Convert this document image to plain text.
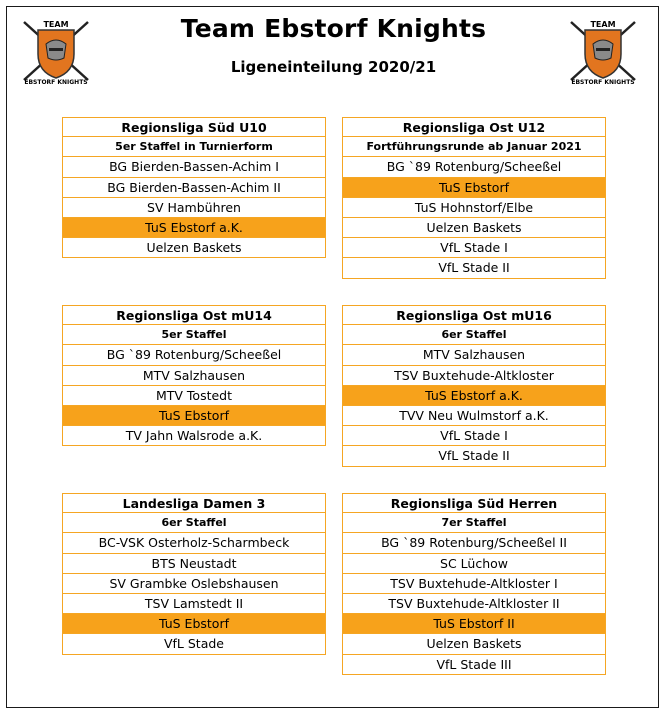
TEAM
EBSTORF KNIGHTS
TEAM
EBSTORF KNIGHTS
Team Ebstorf Knights
Ligeneinteilung 2020/21
Regionsliga Süd U10
5er Staffel in Turnierform
BG Bierden-Bassen-Achim I
BG Bierden-Bassen-Achim II
SV Hambühren
TuS Ebstorf a.K.
Uelzen Baskets
Regionsliga Ost U12
Fortführungsrunde ab Januar 2021
BG `89 Rotenburg/Scheeßel
TuS Ebstorf
TuS Hohnstorf/Elbe
Uelzen Baskets
VfL Stade I
VfL Stade II
Regionsliga Ost mU14
5er Staffel
BG `89 Rotenburg/Scheeßel
MTV Salzhausen
MTV Tostedt
TuS Ebstorf
TV Jahn Walsrode a.K.
Regionsliga Ost mU16
6er Staffel
MTV Salzhausen
TSV Buxtehude-Altkloster
TuS Ebstorf a.K.
TVV Neu Wulmstorf a.K.
VfL Stade I
VfL Stade II
Landesliga Damen 3
6er Staffel
BC-VSK Osterholz-Scharmbeck
BTS Neustadt
SV Grambke Oslebshausen
TSV Lamstedt II
TuS Ebstorf
VfL Stade
Regionsliga Süd Herren
7er Staffel
BG `89 Rotenburg/Scheeßel II
SC Lüchow
TSV Buxtehude-Altkloster I
TSV Buxtehude-Altkloster II
TuS Ebstorf II
Uelzen Baskets
VfL Stade III
